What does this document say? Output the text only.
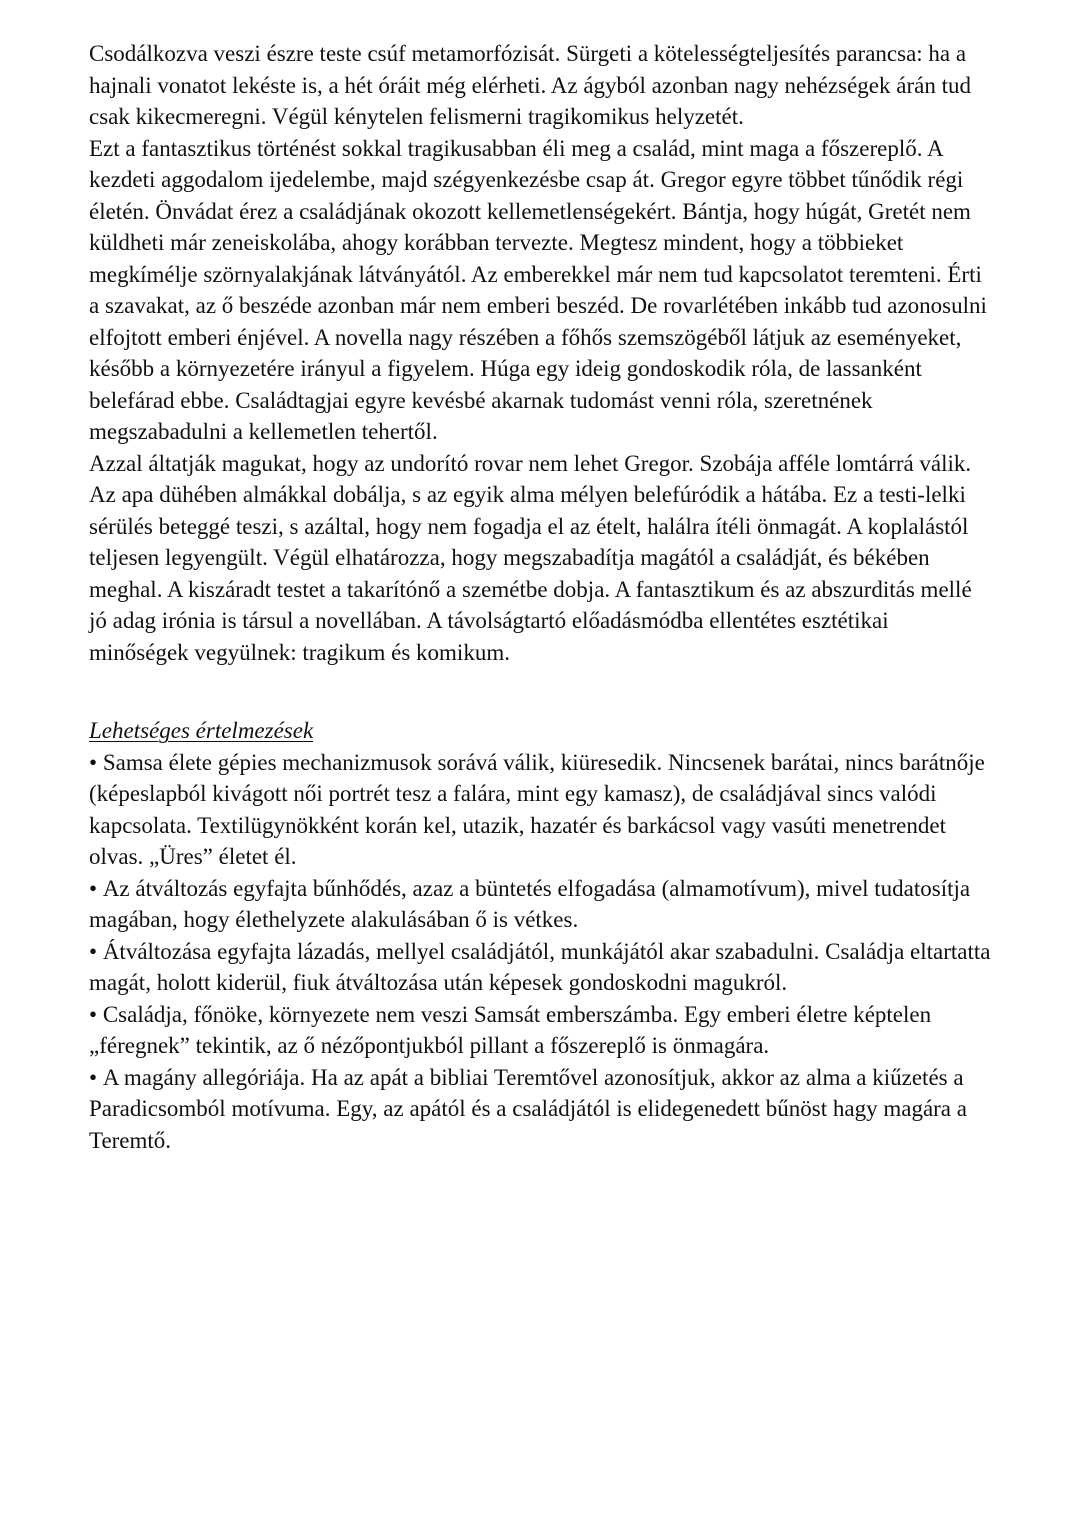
Csodálkozva veszi észre teste csúf metamorfózisát. Sürgeti a kötelességteljesítés parancsa: ha a hajnali vonatot lekéste is, a hét óráit még elérheti. Az ágyból azonban nagy nehézségek árán tud csak kikecmeregni. Végül kénytelen felismerni tragikomikus helyzetét.

Ezt a fantasztikus történést sokkal tragikusabban éli meg a család, mint maga a főszereplő. A kezdeti aggodalom ijedelembe, majd szégyenkezésbe csap át. Gregor egyre többet tűnődik régi életén. Önvádat érez a családjának okozott kellemetlenségekért. Bántja, hogy húgát, Gretét nem küldheti már zeneiskolába, ahogy korábban tervezte. Megtesz mindent, hogy a többieket megkímélje szörnyalakjának látványától. Az emberekkel már nem tud kapcsolatot teremteni. Érti a szavakat, az ő beszéde azonban már nem emberi beszéd. De rovarlétében inkább tud azonosulni elfojtott emberi énjével. A novella nagy részében a főhős szemszögéből látjuk az eseményeket, később a környezetére irányul a figyelem. Húga egy ideig gondoskodik róla, de lassanként belefárad ebbe. Családtagjai egyre kevésbé akarnak tudomást venni róla, szeretnének megszabadulni a kellemetlen tehertől.

Azzal áltatják magukat, hogy az undorító rovar nem lehet Gregor. Szobája afféle lomtárrá válik. Az apa dühében almákkal dobálja, s az egyik alma mélyen belefúródik a hátába. Ez a testi-lelki sérülés beteggé teszi, s azáltal, hogy nem fogadja el az ételt, halálra ítéli önmagát. A koplalástól teljesen legyengült. Végül elhatározza, hogy megszabadítja magától a családját, és békében meghal. A kiszáradt testet a takarítónő a szemétbe dobja. A fantasztikum és az abszurditás mellé jó adag irónia is társul a novellában. A távolságtartó előadásmódba ellentétes esztétikai minőségek vegyülnek: tragikum és komikum.

Lehetséges értelmezések

• Samsa élete gépies mechanizmusok sorává válik, kiüresedik. Nincsenek barátai, nincs barátnője (képeslapból kivágott női portrét tesz a falára, mint egy kamasz), de családjával sincs valódi kapcsolata. Textilügynökként korán kel, utazik, hazatér és barkácsol vagy vasúti menetrendet olvas. „Üres” életet él.

• Az átváltozás egyfajta bűnhődés, azaz a büntetés elfogadása (almamotívum), mivel tudatosítja magában, hogy élethelyzete alakulásában ő is vétkes.

• Átváltozása egyfajta lázadás, mellyel családjától, munkájától akar szabadulni. Családja eltartatta magát, holott kiderül, fiuk átváltozása után képesek gondoskodni magukról.

• Családja, főnöke, környezete nem veszi Samsát emberszámba. Egy emberi életre képtelen „féregnek” tekintik, az ő nézőpontjukból pillant a főszereplő is önmagára.

• A magány allegóriája. Ha az apát a bibliai Teremtővel azonosítjuk, akkor az alma a kiűzetés a Paradicsomból motívuma. Egy, az apától és a családjától is elidegenedett bűnöst hagy magára a Teremtő.
